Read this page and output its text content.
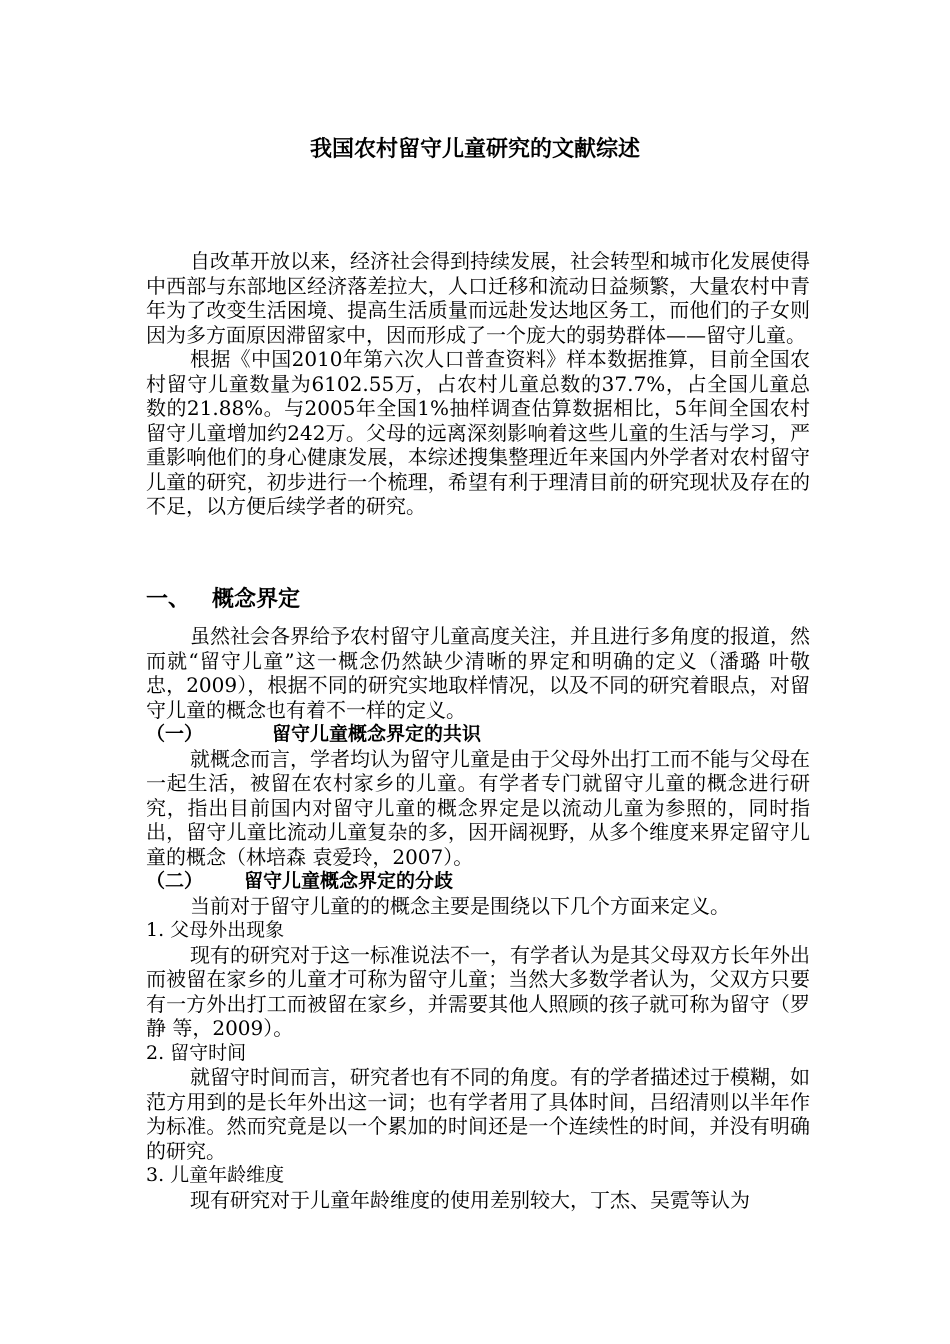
我国农村留守儿童研究的文献综述

自改革开放以来，经济社会得到持续发展，社会转型和城市化发展使得中西部与东部地区经济落差拉大，人口迁移和流动日益频繁，大量农村中青年为了改变生活困境、提高生活质量而远赴发达地区务工，而他们的子女则因为多方面原因滞留家中，因而形成了一个庞大的弱势群体——留守儿童。

根据《中国2010年第六次人口普查资料》样本数据推算，目前全国农村留守儿童数量为6102.55万，占农村儿童总数的37.7%，占全国儿童总数的21.88%。与2005年全国1%抽样调查估算数据相比，5年间全国农村留守儿童增加约242万。父母的远离深刻影响着这些儿童的生活与学习，严重影响他们的身心健康发展，本综述搜集整理近年来国内外学者对农村留守儿童的研究，初步进行一个梳理，希望有利于理清目前的研究现状及存在的不足，以方便后续学者的研究。

一、 概念界定

虽然社会各界给予农村留守儿童高度关注，并且进行多角度的报道，然而就“留守儿童”这一概念仍然缺少清晰的界定和明确的定义（潘璐 叶敬忠，2009），根据不同的研究实地取样情况，以及不同的研究着眼点，对留守儿童的概念也有着不一样的定义。

（一）	留守儿童概念界定的共识

就概念而言，学者均认为留守儿童是由于父母外出打工而不能与父母在一起生活，被留在农村家乡的儿童。有学者专门就留守儿童的概念进行研究，指出目前国内对留守儿童的概念界定是以流动儿童为参照的，同时指出，留守儿童比流动儿童复杂的多，因开阔视野，从多个维度来界定留守儿童的概念（林培森 袁爱玲，2007）。

（二） 留守儿童概念界定的分歧

当前对于留守儿童的的概念主要是围绕以下几个方面来定义。

1. 父母外出现象

现有的研究对于这一标准说法不一，有学者认为是其父母双方长年外出而被留在家乡的儿童才可称为留守儿童；当然大多数学者认为，父双方只要有一方外出打工而被留在家乡，并需要其他人照顾的孩子就可称为留守（罗静 等，2009）。

2. 留守时间

就留守时间而言，研究者也有不同的角度。有的学者描述过于模糊，如范方用到的是长年外出这一词；也有学者用了具体时间，吕绍清则以半年作为标准。然而究竟是以一个累加的时间还是一个连续性的时间，并没有明确的研究。

3. 儿童年龄维度

现有研究对于儿童年龄维度的使用差别较大，丁杰、吴霓等认为
